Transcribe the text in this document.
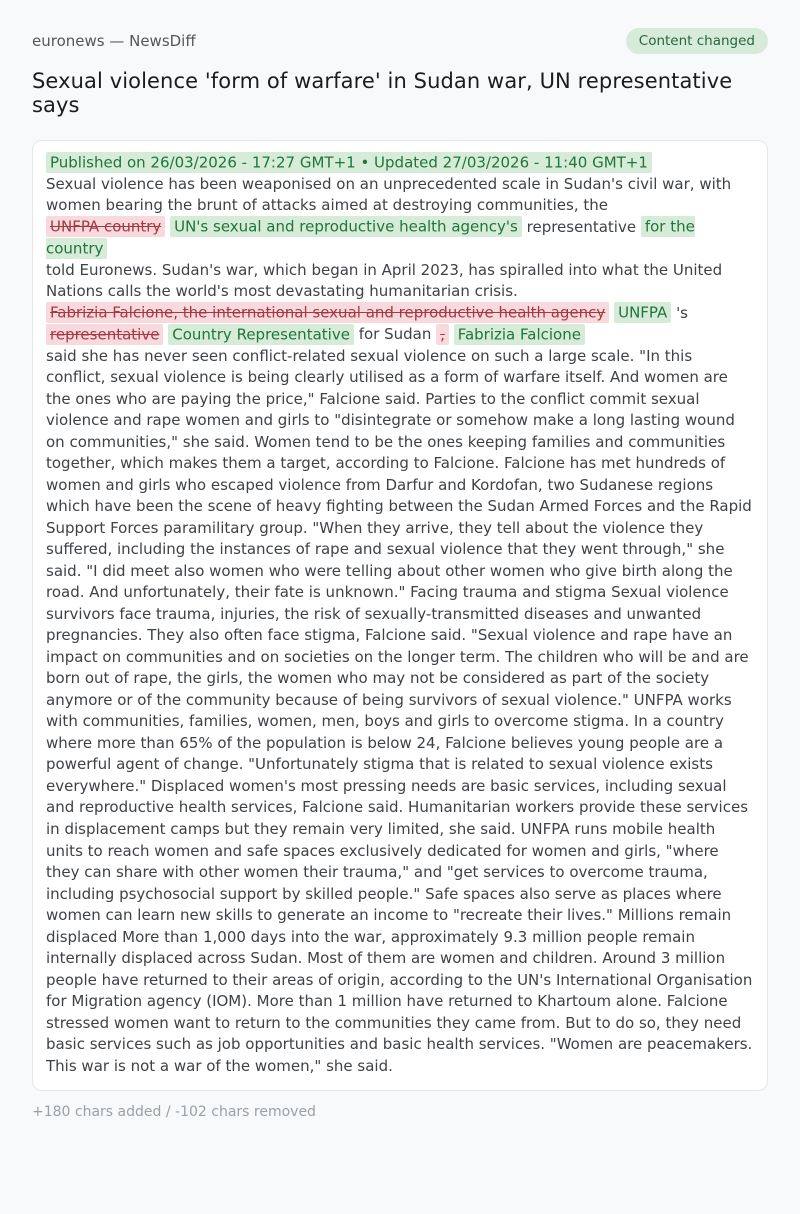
euronews — NewsDiff	Content changed
Sexual violence 'form of warfare' in Sudan war, UN representative says
Published on 26/03/2026 - 17:27 GMT+1 • Updated 27/03/2026 - 11:40 GMT+1
Sexual violence has been weaponised on an unprecedented scale in Sudan's civil war, with women bearing the brunt of attacks aimed at destroying communities, the
UNFPA country UN's sexual and reproductive health agency's representative for the country
told Euronews. Sudan's war, which began in April 2023, has spiralled into what the United Nations calls the world's most devastating humanitarian crisis.
Fabrizia Falcione, the international sexual and reproductive health agency UNFPA 's representative Country Representative for Sudan , Fabrizia Falcione
said she has never seen conflict-related sexual violence on such a large scale. "In this conflict, sexual violence is being clearly utilised as a form of warfare itself. And women are the ones who are paying the price," Falcione said. Parties to the conflict commit sexual violence and rape women and girls to "disintegrate or somehow make a long lasting wound on communities," she said. Women tend to be the ones keeping families and communities together, which makes them a target, according to Falcione. Falcione has met hundreds of women and girls who escaped violence from Darfur and Kordofan, two Sudanese regions which have been the scene of heavy fighting between the Sudan Armed Forces and the Rapid Support Forces paramilitary group. "When they arrive, they tell about the violence they suffered, including the instances of rape and sexual violence that they went through," she said. "I did meet also women who were telling about other women who give birth along the road. And unfortunately, their fate is unknown." Facing trauma and stigma Sexual violence survivors face trauma, injuries, the risk of sexually-transmitted diseases and unwanted pregnancies. They also often face stigma, Falcione said. "Sexual violence and rape have an impact on communities and on societies on the longer term. The children who will be and are born out of rape, the girls, the women who may not be considered as part of the society anymore or of the community because of being survivors of sexual violence." UNFPA works with communities, families, women, men, boys and girls to overcome stigma. In a country where more than 65% of the population is below 24, Falcione believes young people are a powerful agent of change. "Unfortunately stigma that is related to sexual violence exists everywhere." Displaced women's most pressing needs are basic services, including sexual and reproductive health services, Falcione said. Humanitarian workers provide these services in displacement camps but they remain very limited, she said. UNFPA runs mobile health units to reach women and safe spaces exclusively dedicated for women and girls, "where they can share with other women their trauma," and "get services to overcome trauma, including psychosocial support by skilled people." Safe spaces also serve as places where women can learn new skills to generate an income to "recreate their lives." Millions remain displaced More than 1,000 days into the war, approximately 9.3 million people remain internally displaced across Sudan. Most of them are women and children. Around 3 million people have returned to their areas of origin, according to the UN's International Organisation for Migration agency (IOM). More than 1 million have returned to Khartoum alone. Falcione stressed women want to return to the communities they came from. But to do so, they need basic services such as job opportunities and basic health services. "Women are peacemakers. This war is not a war of the women," she said.
+180 chars added / -102 chars removed
